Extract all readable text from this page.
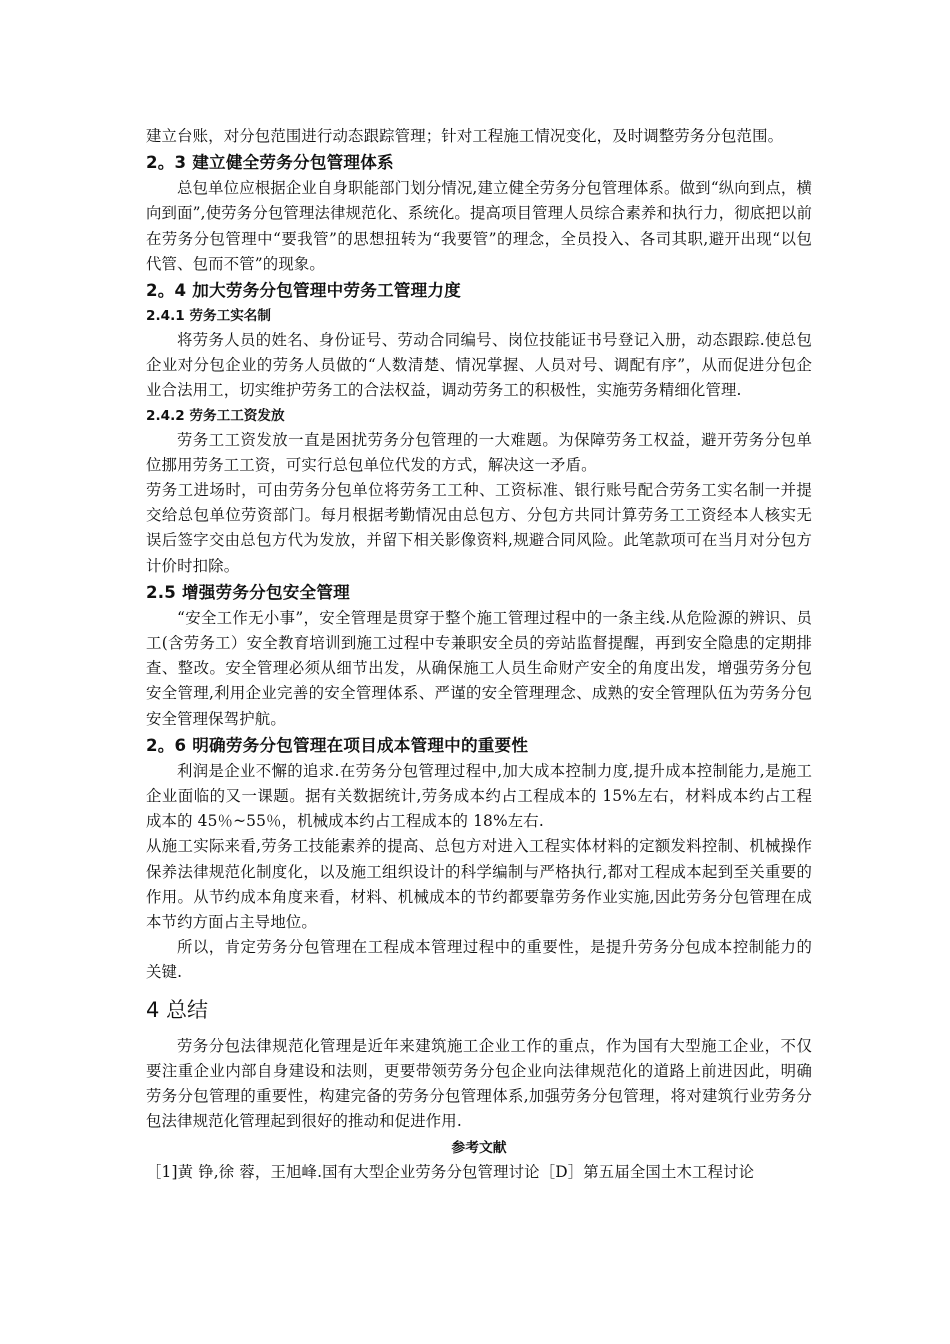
建立台账，对分包范围进行动态跟踪管理；针对工程施工情况变化，及时调整劳务分包范围。

2。3 建立健全劳务分包管理体系

总包单位应根据企业自身职能部门划分情况,建立健全劳务分包管理体系。做到“纵向到点，横向到面”,使劳务分包管理法律规范化、系统化。提高项目管理人员综合素养和执行力，彻底把以前在劳务分包管理中“要我管”的思想扭转为“我要管”的理念，全员投入、各司其职,避开出现“以包代管、包而不管”的现象。

2。4 加大劳务分包管理中劳务工管理力度
2.4.1 劳务工实名制

将劳务人员的姓名、身份证号、劳动合同编号、岗位技能证书号登记入册，动态跟踪.使总包企业对分包企业的劳务人员做的“人数清楚、情况掌握、人员对号、调配有序”，从而促进分包企业合法用工，切实维护劳务工的合法权益，调动劳务工的积极性，实施劳务精细化管理.

2.4.2 劳务工工资发放

劳务工工资发放一直是困扰劳务分包管理的一大难题。为保障劳务工权益，避开劳务分包单位挪用劳务工工资，可实行总包单位代发的方式，解决这一矛盾。

劳务工进场时，可由劳务分包单位将劳务工工种、工资标准、银行账号配合劳务工实名制一并提交给总包单位劳资部门。每月根据考勤情况由总包方、分包方共同计算劳务工工资经本人核实无误后签字交由总包方代为发放，并留下相关影像资料,规避合同风险。此笔款项可在当月对分包方计价时扣除。

2.5 增强劳务分包安全管理

“安全工作无小事”，安全管理是贯穿于整个施工管理过程中的一条主线.从危险源的辨识、员工(含劳务工）安全教育培训到施工过程中专兼职安全员的旁站监督提醒，再到安全隐患的定期排查、整改。安全管理必须从细节出发，从确保施工人员生命财产安全的角度出发，增强劳务分包安全管理,利用企业完善的安全管理体系、严谨的安全管理理念、成熟的安全管理队伍为劳务分包安全管理保驾护航。

2。6 明确劳务分包管理在项目成本管理中的重要性

利润是企业不懈的追求.在劳务分包管理过程中,加大成本控制力度,提升成本控制能力,是施工企业面临的又一课题。据有关数据统计,劳务成本约占工程成本的 15%左右，材料成本约占工程成本的 45％~55％，机械成本约占工程成本的 18%左右.

从施工实际来看,劳务工技能素养的提高、总包方对进入工程实体材料的定额发料控制、机械操作保养法律规范化制度化，以及施工组织设计的科学编制与严格执行,都对工程成本起到至关重要的作用。从节约成本角度来看，材料、机械成本的节约都要靠劳务作业实施,因此劳务分包管理在成本节约方面占主导地位。

所以，肯定劳务分包管理在工程成本管理过程中的重要性，是提升劳务分包成本控制能力的关键.

4 总结

劳务分包法律规范化管理是近年来建筑施工企业工作的重点，作为国有大型施工企业，不仅要注重企业内部自身建设和法则，更要带领劳务分包企业向法律规范化的道路上前进因此，明确劳务分包管理的重要性，构建完备的劳务分包管理体系,加强劳务分包管理，将对建筑行业劳务分包法律规范化管理起到很好的推动和促进作用.

参考文献

［1]黄 铮,徐 蓉，王旭峰.国有大型企业劳务分包管理讨论［D］第五届全国土木工程讨论
